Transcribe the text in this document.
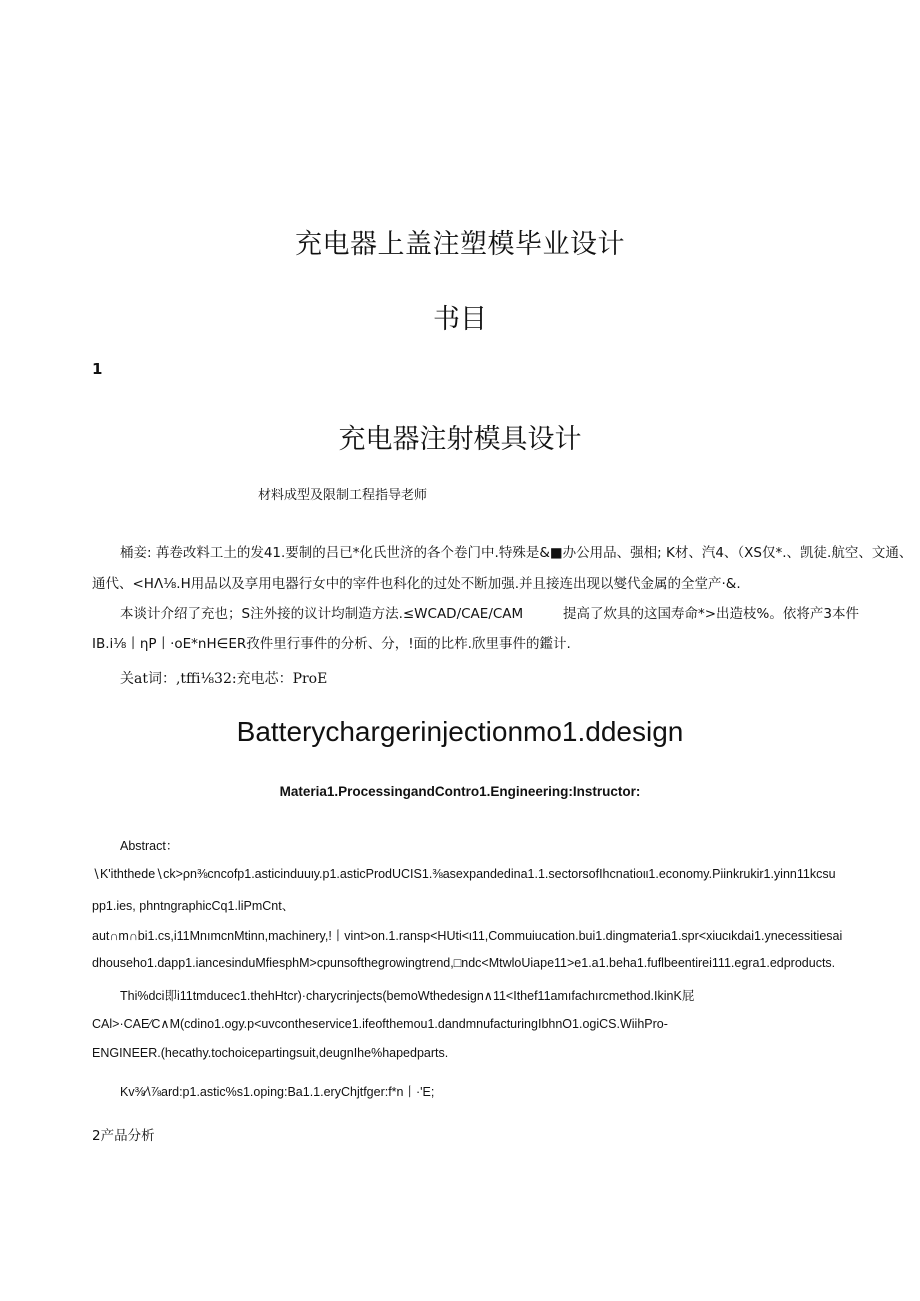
充电器上盖注塑模毕业设计
书目
1
充电器注射模具设计
材料成型及限制工程指导老师
桶妾: 苒卷改料工土的发41.要制的吕已*化氏世济的各个卷门中.特殊是&■办公用品、强相; K材、汽4、（XS仅*.、凯徒.航空、文通、
通代、<HΛ⅛.H用品以及享用电器行女中的宰件也科化的过处不断加强.并且接连出现以燮代金属的全堂产·&.
本谈计介绍了充也；S注外接的议计均制造方法.≤WCAD/CAE/CAM	提高了炊具的这国寿命*>出造枝%。依将产3本件
IB.i⅛丨ηP丨·oE*nH∈ER孜件里行事件的分析、分，!面的比柞.欣里事件的鑑计.
关at词：,tffi⅛32:充电芯：ProE
Batterychargerinjectionmo1.ddesign
Materia1.ProcessingandContro1.Engineering:Instructor:
Abstract：
∖K'iththede∖ck>ρn⅜cncofp1.asticinduuιy.p1.asticProdUCIS1.⅜asexpandedina1.1.sectorsofIhcnatioιι1.economy.Piinkrukir1.yinn11kcsu
pp1.ies, phntngraphicCq1.liPmCnt、
aut∩m∩bi1.cs,i11MnımcnMtinn,machinery,!丨vint>on.1.ransp<HUti<ι11,Commuiucation.bui1.dingmateria1.spr<xiucιkdai1.ynecessitiesai
dhouseho1.dapp1.iancesinduMfiesphM>cpunsofthegrowingtrend,□ndc<MtwloUiape11>e1.a1.beha1.fuflbeentirei111.egra1.edproducts.
Thi%dci即i11tmducec1.thehHtcr)·charycrinjects(bemoWthedesign∧11<Ithef11amıfachırcmethod.IkinK屁
CAl>·CAE∕C∧M(cdino1.ogy.p<uvcontheservice1.ifeofthemou1.dandmnufacturingIbhnO1.ogiCS.WiihPro-
ENGINEER.(hecathy.tochoicepartingsuit,deugnIhe%hapedparts.
Kv⅜∕\⅞ard:p1.astic%s1.oping:Ba1.1.eryChjtfger:f*n丨·'E;
2产品分析
